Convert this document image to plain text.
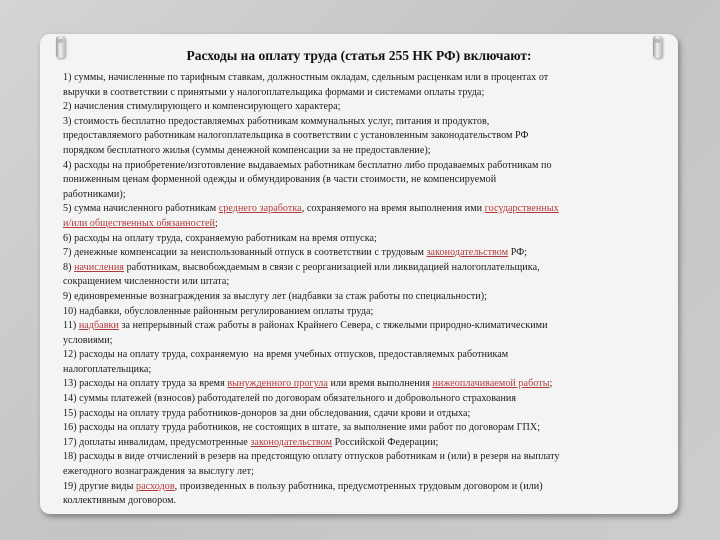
Расходы на оплату труда (статья 255 НК РФ) включают:
1) суммы, начисленные по тарифным ставкам, должностным окладам, сдельным расценкам или в процентах от
выручки в соответствии с принятыми у налогоплательщика формами и системами оплаты труда;
2) начисления стимулирующего и компенсирующего характера;
3) стоимость бесплатно предоставляемых работникам коммунальных услуг, питания и продуктов,
предоставляемого работникам налогоплательщика в соответствии с установленным законодательством РФ
порядком бесплатного жилья (суммы денежной компенсации за не предоставление);
4) расходы на приобретение/изготовление выдаваемых работникам бесплатно либо продаваемых работникам по
пониженным ценам форменной одежды и обмундирования (в части стоимости, не компенсируемой
работниками);
5) сумма начисленного работникам среднего заработка, сохраняемого на время выполнения ими государственных
и/или общественных обязанностей;
6) расходы на оплату труда, сохраняемую работникам на время отпуска;
7) денежные компенсации за неиспользованный отпуск в соответствии с трудовым законодательством РФ;
8) начисления работникам, высвобождаемым в связи с реорганизацией или ликвидацией налогоплательщика,
сокращением численности или штата;
9) единовременные вознаграждения за выслугу лет (надбавки за стаж работы по специальности);
10) надбавки, обусловленные районным регулированием оплаты труда;
11) надбавки за непрерывный стаж работы в районах Крайнего Севера, с тяжелыми природно-климатическими
условиями;
12) расходы на оплату труда, сохраняемую  на время учебных отпусков, предоставляемых работникам
налогоплательщика;
13) расходы на оплату труда за время вынужденного прогула или время выполнения нижеоплачиваемой работы;
14) суммы платежей (взносов) работодателей по договорам обязательного и добровольного страхования
15) расходы на оплату труда работников-доноров за дни обследования, сдачи крови и отдыха;
16) расходы на оплату труда работников, не состоящих в штате, за выполнение ими работ по договорам ГПХ;
17) доплаты инвалидам, предусмотренные законодательством Российской Федерации;
18) расходы в виде отчислений в резерв на предстоящую оплату отпусков работникам и (или) в резерв на выплату
ежегодного вознаграждения за выслугу лет;
19) другие виды расходов, произведенных в пользу работника, предусмотренных трудовым договором и (или)
коллективным договором.
